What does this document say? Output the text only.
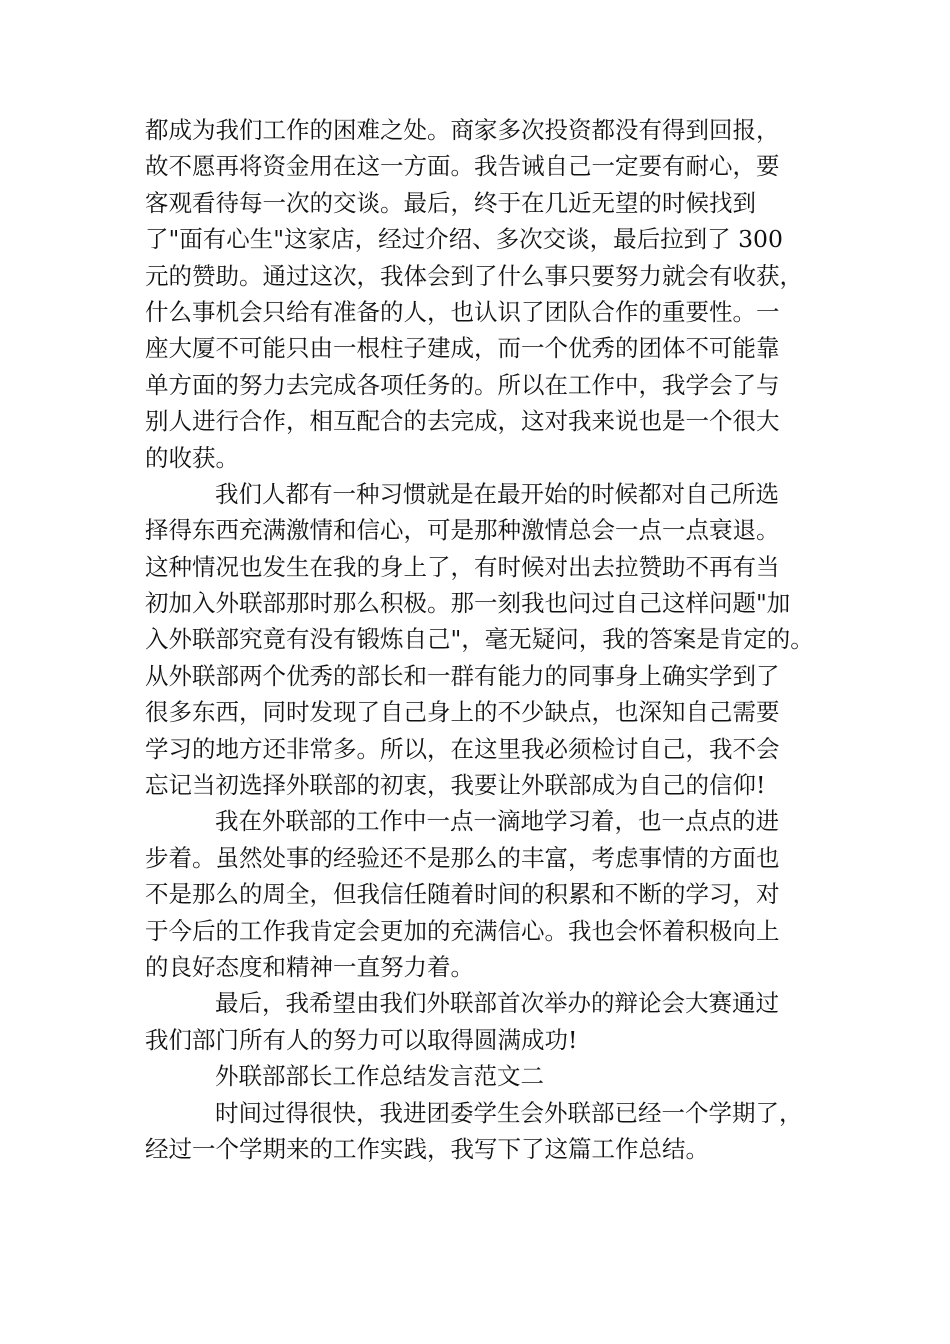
都成为我们工作的困难之处。商家多次投资都没有得到回报，
故不愿再将资金用在这一方面。我告诫自己一定要有耐心，要
客观看待每一次的交谈。最后，终于在几近无望的时候找到
了"面有心生"这家店，经过介绍、多次交谈，最后拉到了 300
元的赞助。通过这次，我体会到了什么事只要努力就会有收获，
什么事机会只给有准备的人，也认识了团队合作的重要性。一
座大厦不可能只由一根柱子建成，而一个优秀的团体不可能靠
单方面的努力去完成各项任务的。所以在工作中，我学会了与
别人进行合作，相互配合的去完成，这对我来说也是一个很大
的收获。
我们人都有一种习惯就是在最开始的时候都对自己所选
择得东西充满激情和信心，可是那种激情总会一点一点衰退。
这种情况也发生在我的身上了，有时候对出去拉赞助不再有当
初加入外联部那时那么积极。那一刻我也问过自己这样问题"加
入外联部究竟有没有锻炼自己"，毫无疑问，我的答案是肯定的。
从外联部两个优秀的部长和一群有能力的同事身上确实学到了
很多东西，同时发现了自己身上的不少缺点，也深知自己需要
学习的地方还非常多。所以，在这里我必须检讨自己，我不会
忘记当初选择外联部的初衷，我要让外联部成为自己的信仰!
我在外联部的工作中一点一滴地学习着，也一点点的进
步着。虽然处事的经验还不是那么的丰富，考虑事情的方面也
不是那么的周全，但我信任随着时间的积累和不断的学习，对
于今后的工作我肯定会更加的充满信心。我也会怀着积极向上
的良好态度和精神一直努力着。
最后，我希望由我们外联部首次举办的辩论会大赛通过
我们部门所有人的努力可以取得圆满成功!
外联部部长工作总结发言范文二
时间过得很快，我进团委学生会外联部已经一个学期了，
经过一个学期来的工作实践，我写下了这篇工作总结。
